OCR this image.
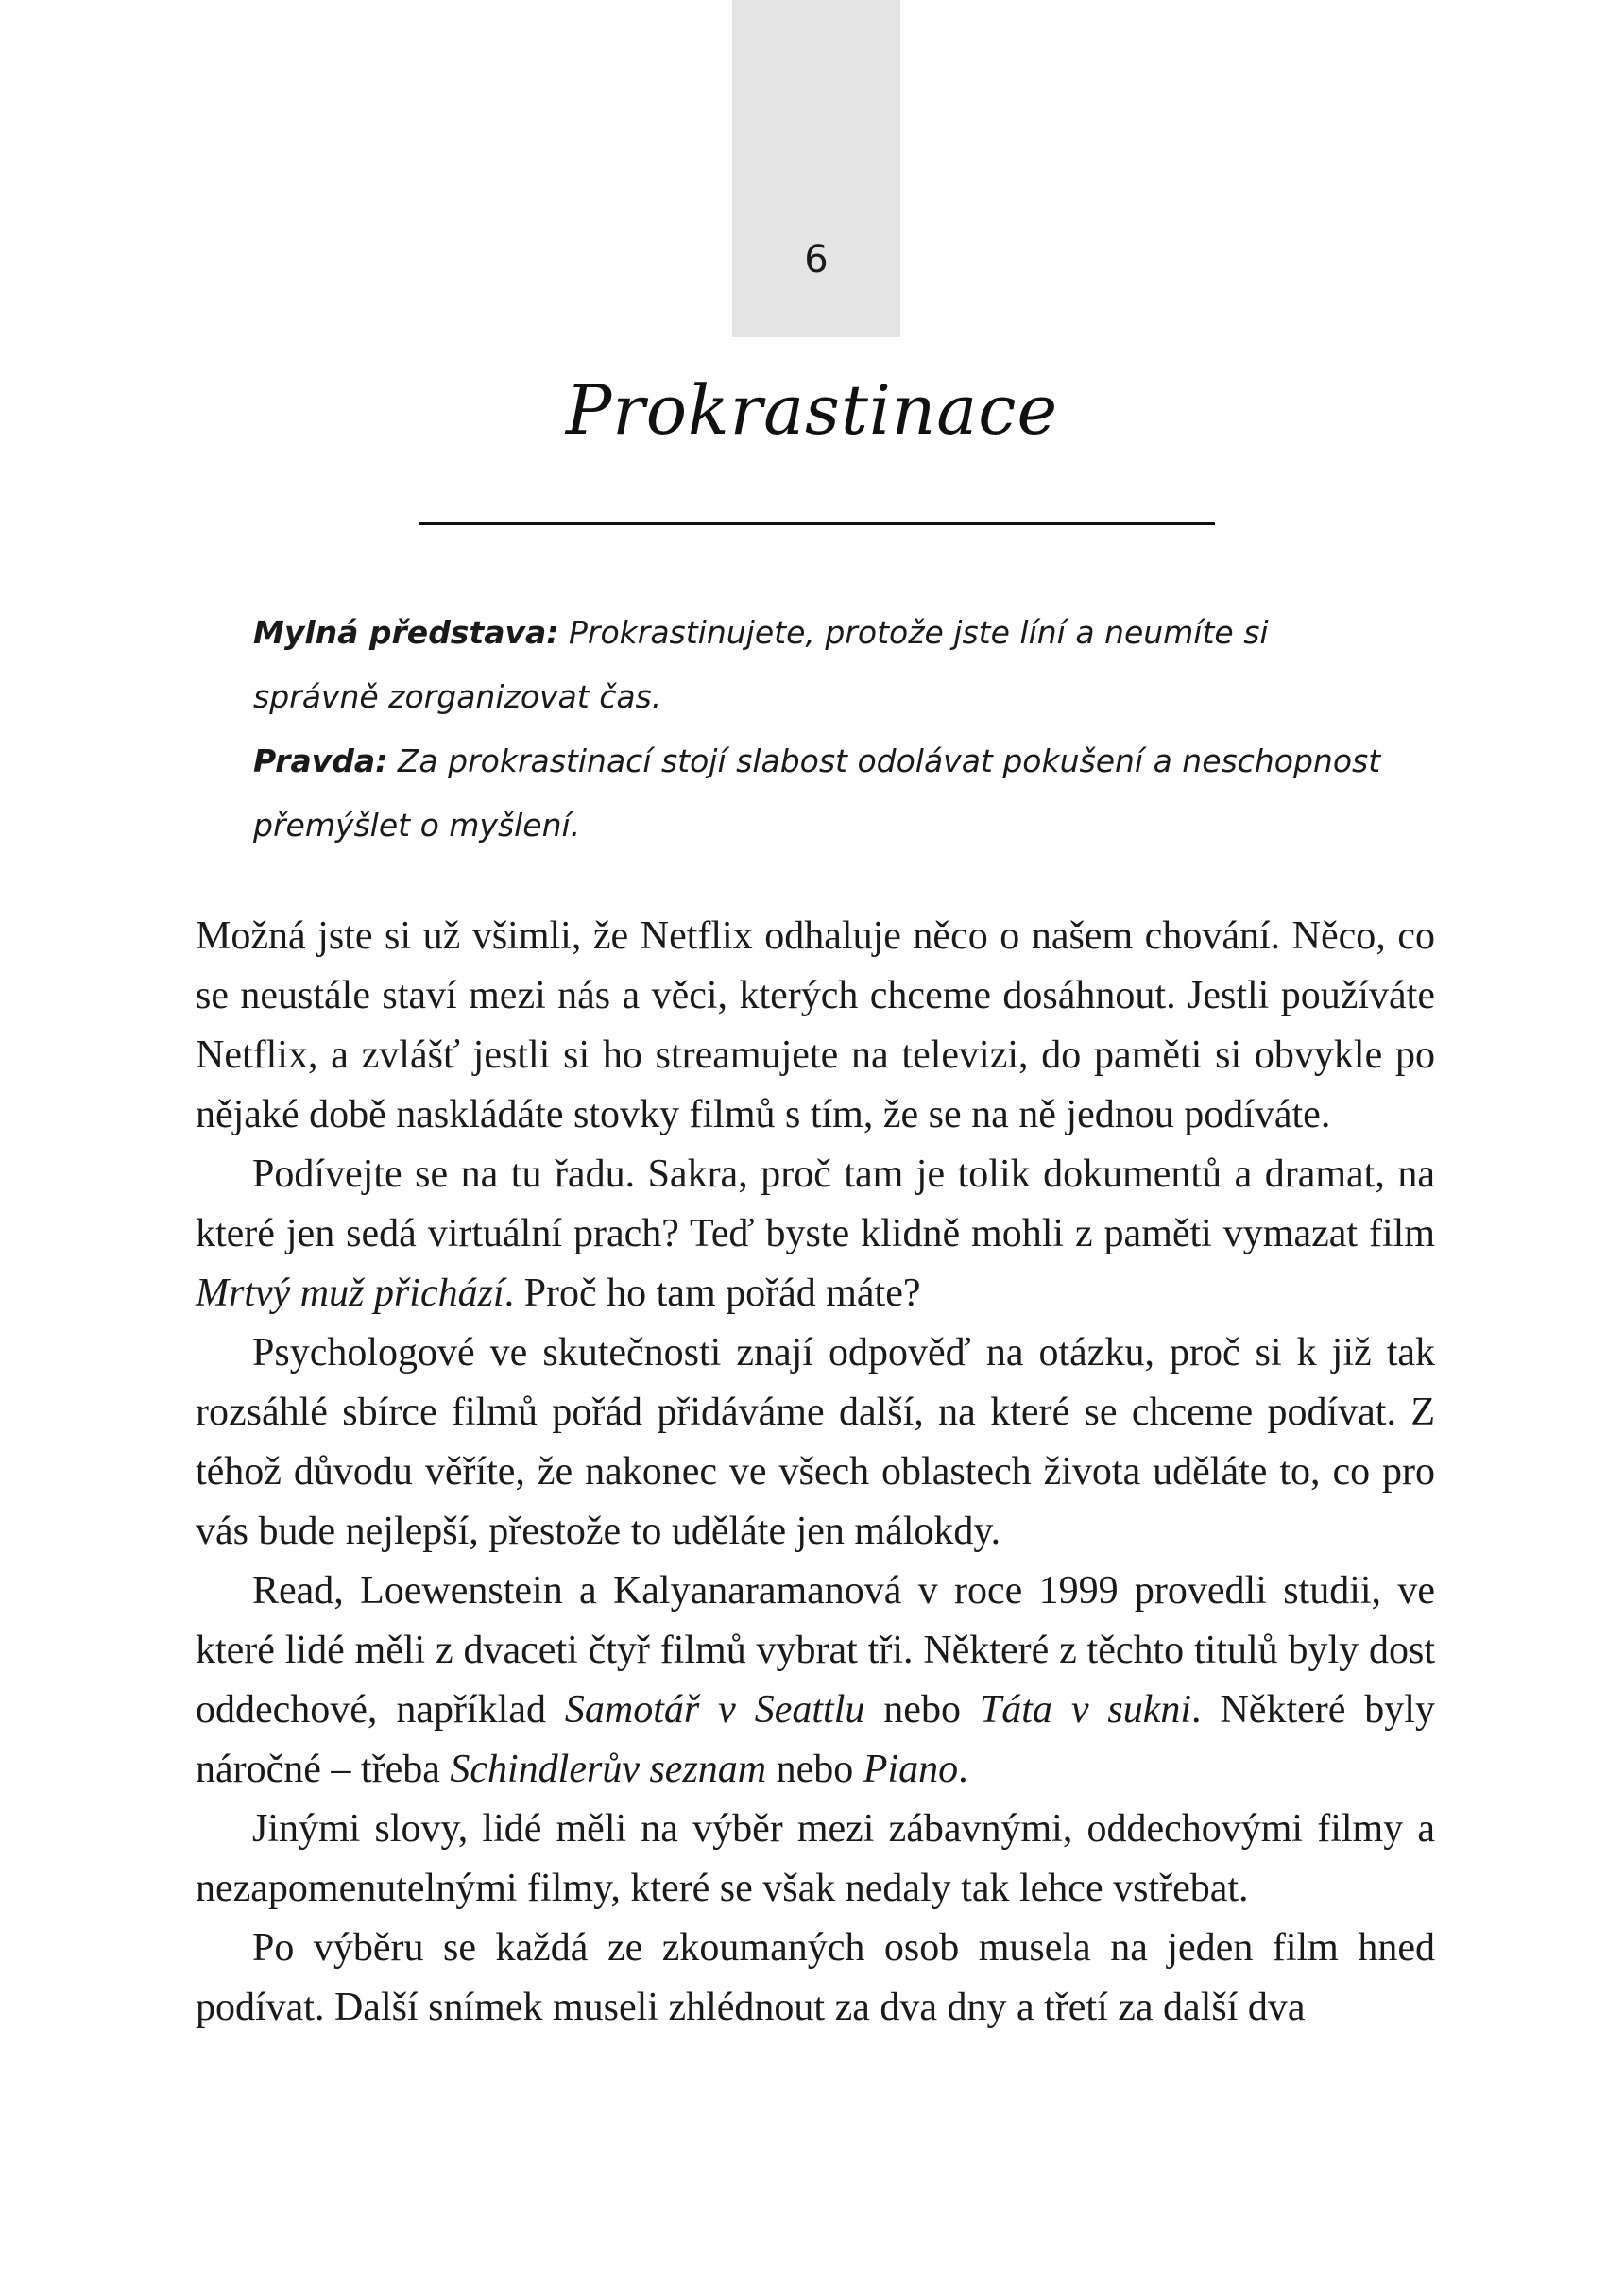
6
Prokrastinace

Mylná představa: Prokrastinujete, protože jste líní a neumíte si správně zorganizovat čas.

Pravda: Za prokrastinací stojí slabost odolávat pokušení a neschopnost přemýšlet o myšlení.

Možná jste si už všimli, že Netflix odhaluje něco o našem chování. Něco, co se neustále staví mezi nás a věci, kterých chceme dosáhnout. Jestli používáte Netflix, a zvlášť jestli si ho streamujete na televizi, do paměti si obvykle po nějaké době naskládáte stovky filmů s tím, že se na ně jednou podíváte.

Podívejte se na tu řadu. Sakra, proč tam je tolik dokumentů a dramat, na které jen sedá virtuální prach? Teď byste klidně mohli z paměti vymazat film Mrtvý muž přichází. Proč ho tam pořád máte?

Psychologové ve skutečnosti znají odpověď na otázku, proč si k již tak rozsáhlé sbírce filmů pořád přidáváme další, na které se chceme podívat. Z téhož důvodu věříte, že nakonec ve všech oblastech života uděláte to, co pro vás bude nejlepší, přestože to uděláte jen málokdy.

Read, Loewenstein a Kalyanaramanová v roce 1999 provedli studii, ve které lidé měli z dvaceti čtyř filmů vybrat tři. Některé z těchto titulů byly dost oddechové, například Samotář v Seattlu nebo Táta v sukni. Některé byly náročné – třeba Schindlerův seznam nebo Piano.

Jinými slovy, lidé měli na výběr mezi zábavnými, oddechovými filmy a nezapomenutelnými filmy, které se však nedaly tak lehce vstřebat.

Po výběru se každá ze zkoumaných osob musela na jeden film hned podívat. Další snímek museli zhlédnout za dva dny a třetí za další dva
